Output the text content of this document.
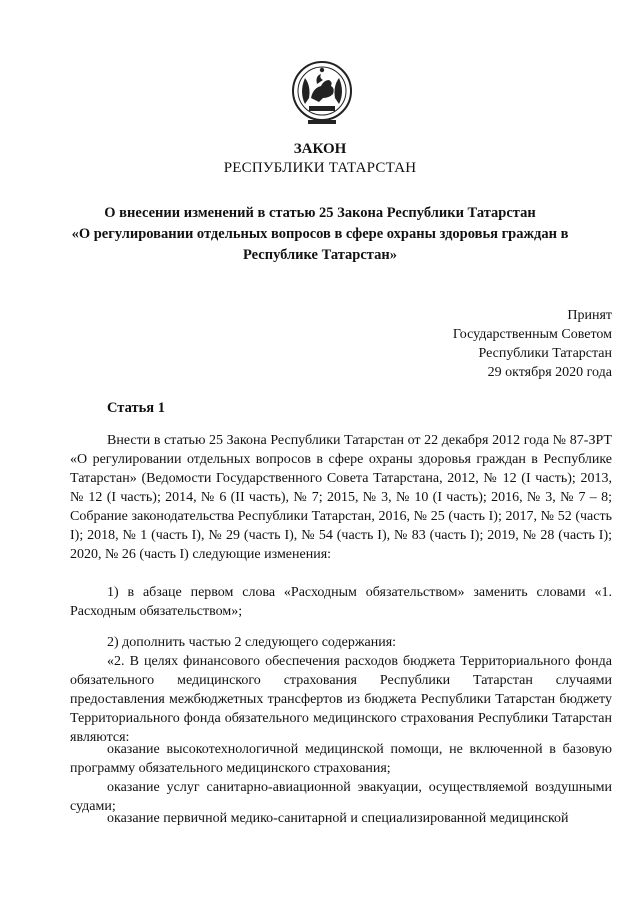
ЗАКОН
РЕСПУБЛИКИ ТАТАРСТАН
О внесении изменений в статью 25 Закона Республики Татарстан
«О регулировании отдельных вопросов в сфере охраны здоровья граждан в
Республике Татарстан»
Принят
Государственным Советом
Республики Татарстан
29 октября 2020 года
Статья 1

Внести в статью 25 Закона Республики Татарстан от 22 декабря 2012 года № 87-ЗРТ «О регулировании отдельных вопросов в сфере охраны здоровья граждан в Республике Татарстан» (Ведомости Государственного Совета Татарстана, 2012, № 12 (I часть); 2013, № 12 (I часть); 2014, № 6 (II часть), № 7; 2015, № 3, № 10 (I часть); 2016, № 3, № 7 – 8; Собрание законодательства Республики Татарстан, 2016, № 25 (часть I); 2017, № 52 (часть I); 2018, № 1 (часть I), № 29 (часть I), № 54 (часть I), № 83 (часть I); 2019, № 28 (часть I); 2020, № 26 (часть I) следующие изменения:

1) в абзаце первом слова «Расходным обязательством» заменить словами «1. Расходным обязательством»;

2) дополнить частью 2 следующего содержания:

«2. В целях финансового обеспечения расходов бюджета Территориального фонда обязательного медицинского страхования Республики Татарстан случаями предоставления межбюджетных трансфертов из бюджета Республики Татарстан бюджету Территориального фонда обязательного медицинского страхования Республики Татарстан являются:

оказание высокотехнологичной медицинской помощи, не включенной в базовую программу обязательного медицинского страхования;

оказание услуг санитарно-авиационной эвакуации, осуществляемой воздушными судами;

оказание первичной медико-санитарной и специализированной медицинской
